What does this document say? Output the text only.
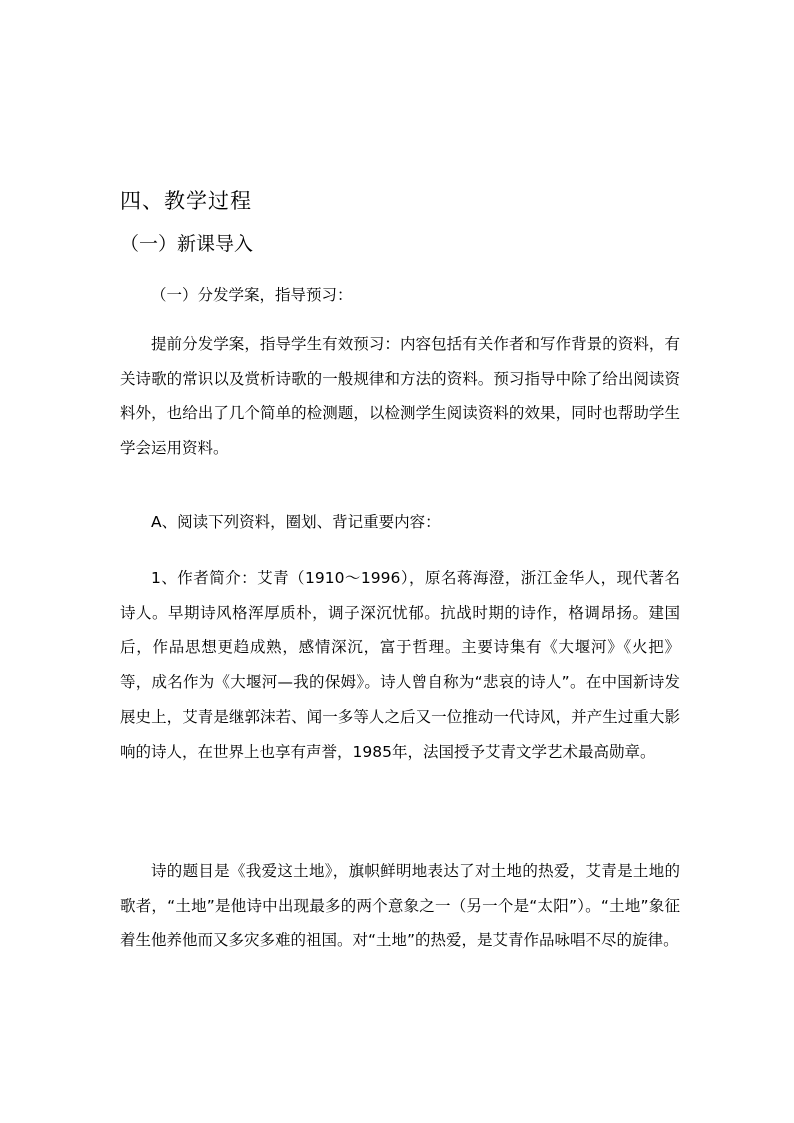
四、教学过程
（一）新课导入
（一）分发学案，指导预习：

提前分发学案，指导学生有效预习：内容包括有关作者和写作背景的资料，有关诗歌的常识以及赏析诗歌的一般规律和方法的资料。预习指导中除了给出阅读资料外，也给出了几个简单的检测题，以检测学生阅读资料的效果，同时也帮助学生学会运用资料。

A、阅读下列资料，圈划、背记重要内容：

1、作者简介：艾青（1910～1996），原名蒋海澄，浙江金华人，现代著名诗人。早期诗风格浑厚质朴，调子深沉忧郁。抗战时期的诗作，格调昂扬。建国后，作品思想更趋成熟，感情深沉，富于哲理。主要诗集有《大堰河》《火把》等，成名作为《大堰河—我的保姆》。诗人曾自称为“悲哀的诗人”。在中国新诗发展史上，艾青是继郭沫若、闻一多等人之后又一位推动一代诗风，并产生过重大影响的诗人，在世界上也享有声誉，1985年，法国授予艾青文学艺术最高勋章。

诗的题目是《我爱这土地》，旗帜鲜明地表达了对土地的热爱，艾青是土地的歌者，“土地”是他诗中出现最多的两个意象之一（另一个是“太阳”）。“土地”象征着生他养他而又多灾多难的祖国。对“土地”的热爱，是艾青作品咏唱不尽的旋律。
